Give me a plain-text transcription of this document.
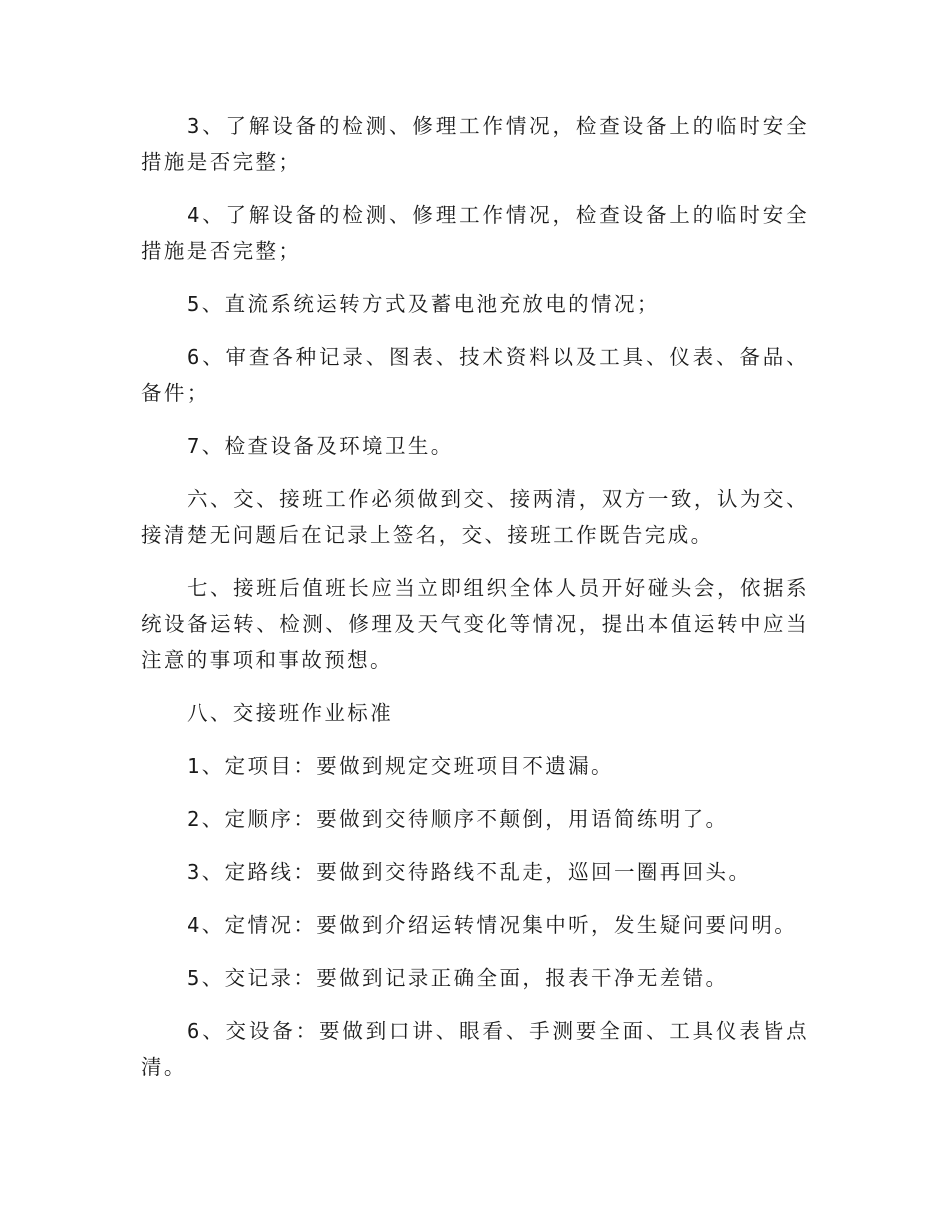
3、了解设备的检测、修理工作情况，检查设备上的临时安全措施是否完整；

4、了解设备的检测、修理工作情况，检查设备上的临时安全措施是否完整；

5、直流系统运转方式及蓄电池充放电的情况；

6、审查各种记录、图表、技术资料以及工具、仪表、备品、备件；

7、检查设备及环境卫生。

六、交、接班工作必须做到交、接两清，双方一致，认为交、接清楚无问题后在记录上签名，交、接班工作既告完成。

七、接班后值班长应当立即组织全体人员开好碰头会，依据系统设备运转、检测、修理及天气变化等情况，提出本值运转中应当注意的事项和事故预想。

八、交接班作业标准

1、定项目：要做到规定交班项目不遗漏。

2、定顺序：要做到交待顺序不颠倒，用语简练明了。

3、定路线：要做到交待路线不乱走，巡回一圈再回头。

4、定情况：要做到介绍运转情况集中听，发生疑问要问明。

5、交记录：要做到记录正确全面，报表干净无差错。

6、交设备：要做到口讲、眼看、手测要全面、工具仪表皆点清。
